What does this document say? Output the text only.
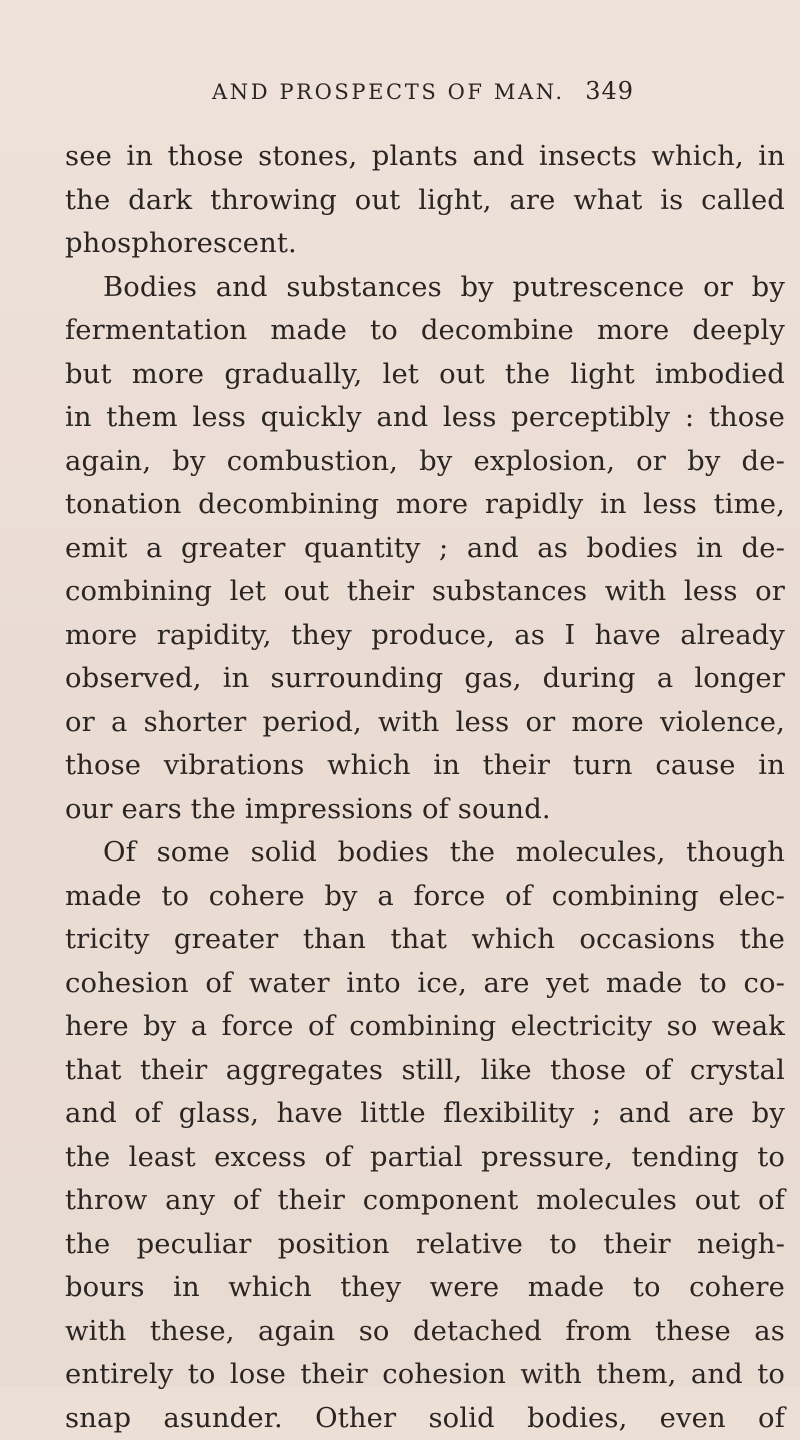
AND PROSPECTS OF MAN. 349
see in those stones, plants and insects which, in
the dark throwing out light, are what is called
phosphorescent.
Bodies and substances by putrescence or by
fermentation made to decombine more deeply
but more gradually, let out the light imbodied
in them less quickly and less perceptibly : those
again, by combustion, by explosion, or by de-
tonation decombining more rapidly in less time,
emit a greater quantity ; and as bodies in de-
combining let out their substances with less or
more rapidity, they produce, as I have already
observed, in surrounding gas, during a longer
or a shorter period, with less or more violence,
those vibrations which in their turn cause in
our ears the impressions of sound.
Of some solid bodies the molecules, though
made to cohere by a force of combining elec-
tricity greater than that which occasions the
cohesion of water into ice, are yet made to co-
here by a force of combining electricity so weak
that their aggregates still, like those of crystal
and of glass, have little flexibility ; and are by
the least excess of partial pressure, tending to
throw any of their component molecules out of
the peculiar position relative to their neigh-
bours in which they were made to cohere
with these, again so detached from these as
entirely to lose their cohesion with them, and to
snap asunder. Other solid bodies, even of
